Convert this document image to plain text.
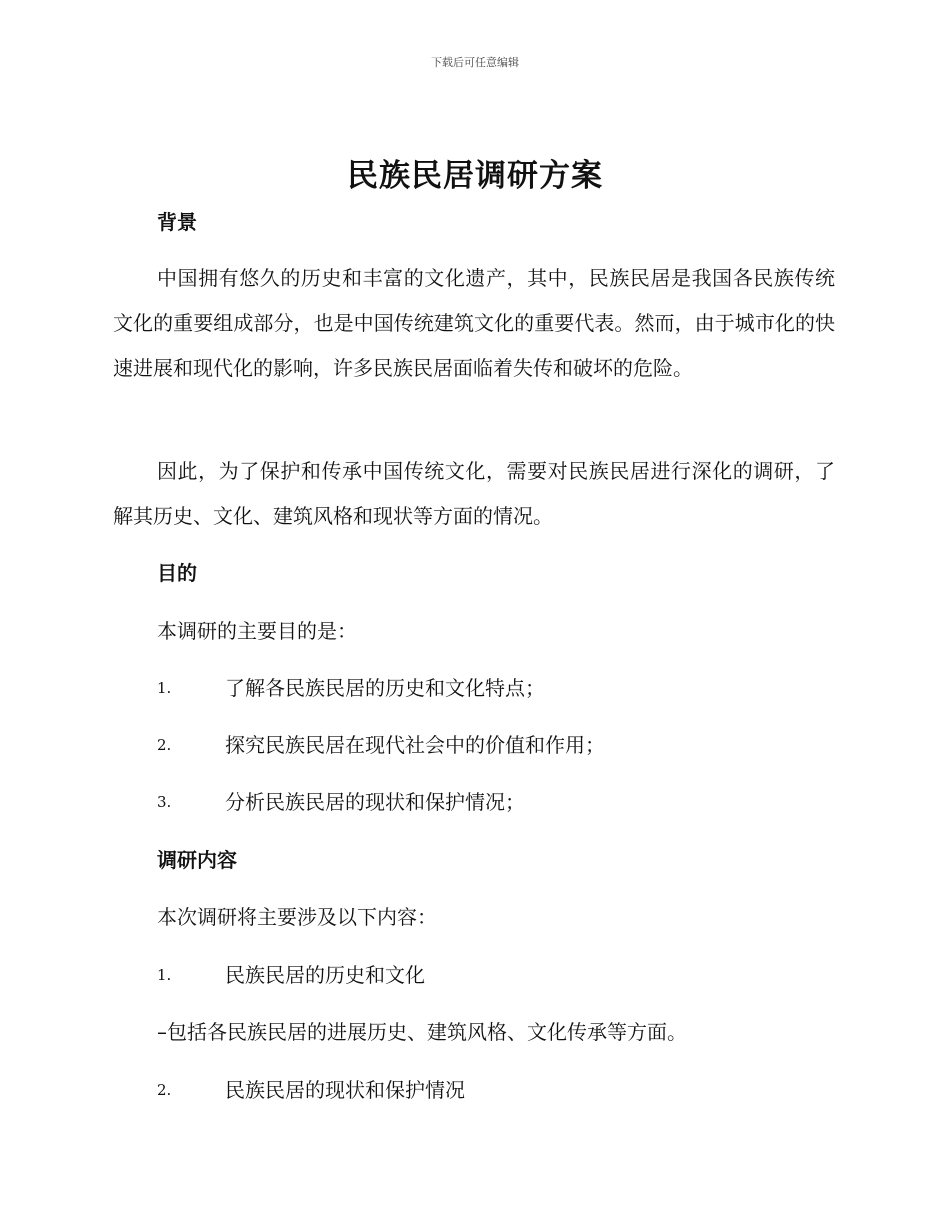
下载后可任意编辑
民族民居调研方案
背景

中国拥有悠久的历史和丰富的文化遗产，其中，民族民居是我国各民族传统文化的重要组成部分，也是中国传统建筑文化的重要代表。然而，由于城市化的快速进展和现代化的影响，许多民族民居面临着失传和破坏的危险。

因此，为了保护和传承中国传统文化，需要对民族民居进行深化的调研，了解其历史、文化、建筑风格和现状等方面的情况。

目的
本调研的主要目的是：
1.	了解各民族民居的历史和文化特点；
2.	探究民族民居在现代社会中的价值和作用；
3.	分析民族民居的现状和保护情况；
调研内容
本次调研将主要涉及以下内容：
1.	民族民居的历史和文化
–包括各民族民居的进展历史、建筑风格、文化传承等方面。
2.	民族民居的现状和保护情况
